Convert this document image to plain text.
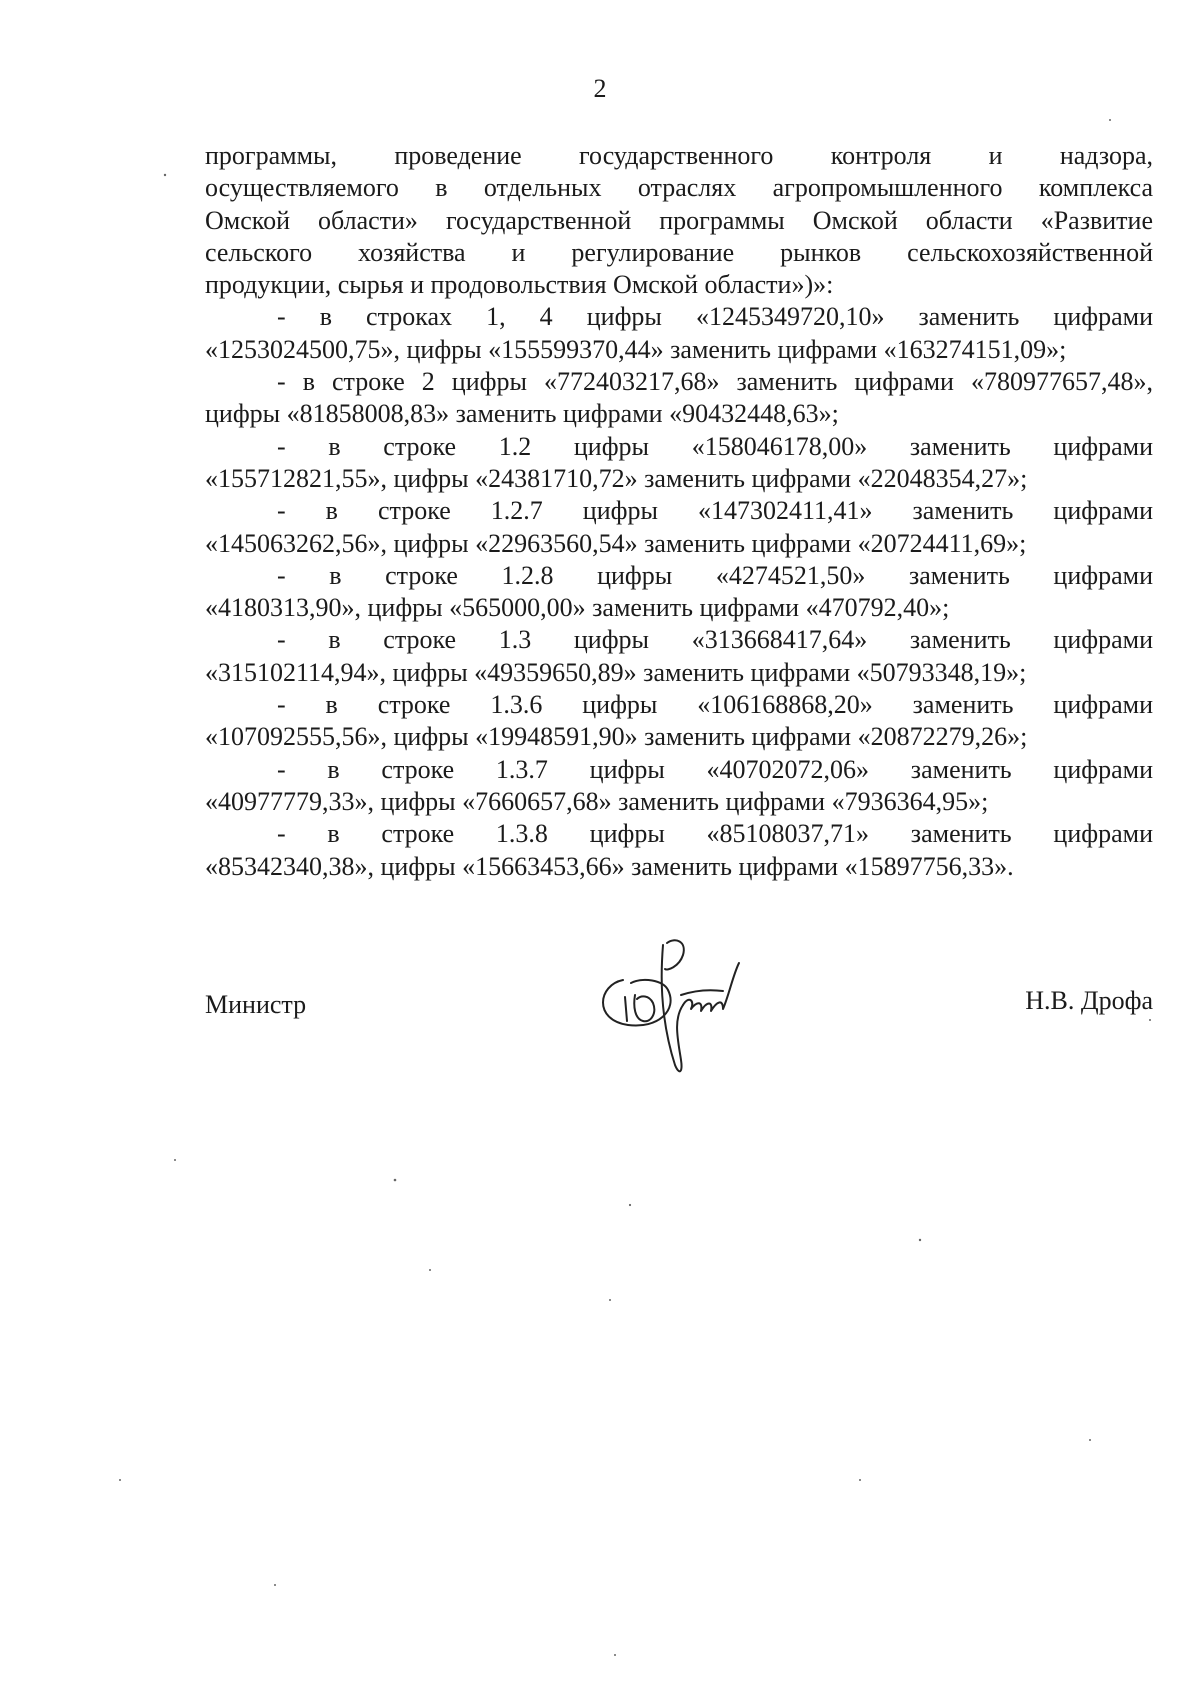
2
программы, проведение государственного контроля и надзора,
осуществляемого в отдельных отраслях агропромышленного комплекса
Омской области» государственной программы Омской области «Развитие
сельского хозяйства и регулирование рынков сельскохозяйственной
продукции, сырья и продовольствия Омской области»)»:
- в строках 1, 4 цифры «1245349720,10» заменить цифрами
«1253024500,75», цифры «155599370,44» заменить цифрами «163274151,09»;
- в строке 2 цифры «772403217,68» заменить цифрами «780977657,48»,
цифры «81858008,83» заменить цифрами «90432448,63»;
- в строке 1.2 цифры «158046178,00» заменить цифрами
«155712821,55», цифры «24381710,72» заменить цифрами «22048354,27»;
- в строке 1.2.7 цифры «147302411,41» заменить цифрами
«145063262,56», цифры «22963560,54» заменить цифрами «20724411,69»;
- в строке 1.2.8 цифры «4274521,50» заменить цифрами
«4180313,90», цифры «565000,00» заменить цифрами «470792,40»;
- в строке 1.3 цифры «313668417,64» заменить цифрами
«315102114,94», цифры «49359650,89» заменить цифрами «50793348,19»;
- в строке 1.3.6 цифры «106168868,20» заменить цифрами
«107092555,56», цифры «19948591,90» заменить цифрами «20872279,26»;
- в строке 1.3.7 цифры «40702072,06» заменить цифрами
«40977779,33», цифры «7660657,68» заменить цифрами «7936364,95»;
- в строке 1.3.8 цифры «85108037,71» заменить цифрами
«85342340,38», цифры «15663453,66» заменить цифрами «15897756,33».
Министр	Н.В. Дрофа
